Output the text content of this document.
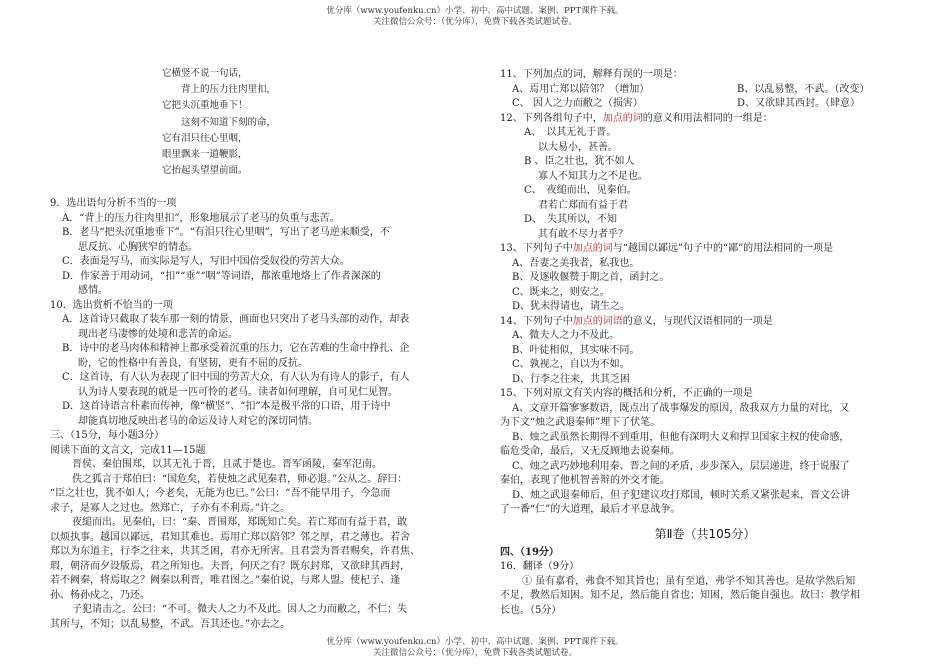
优分库（www.youfenku.cn）小学、初中、高中试题、案例、PPT课件下载。
关注微信公众号：（优分库），免费下载各类试题试卷。
它横竖不说一句话，
　　背上的压力往肉里扣，
它把头沉重地垂下！
　　这刻不知道下刻的命，
它有泪只往心里咽，
眼里飘来一道鞭影，
它抬起头望望前面。
9．选出语句分析不当的一项
A．“背上的压力往肉里扣”，形象地展示了老马的负重与悲苦。
B．老马“把头沉重地垂下”。“有泪只往心里咽”，写出了老马逆来顺受，不
思反抗、心胸狭窄的情态。
C．表面是写马，而实际是写人，写旧中国倍受奴役的劳苦大众。
D．作家善于用动词，“扣”“垂”“咽”等词语，都浓重地烙上了作者深深的
感情。
10．选出赏析不恰当的一项
A．这首诗只截取了装车那一刻的情景，画面也只突出了老马头部的动作，却表
现出老马凄惨的处境和悲苦的命运。
B．诗中的老马肉体和精神上都承受着沉重的压力，它在苦难的生命中挣扎、企
盼，它的性格中有善良，有坚韧，更有不屈的反抗。
C．这首诗，有人认为表现了旧中国的劳苦大众，有人认为有诗人的影子，有人
认为诗人要表现的就是一匹可怜的老马。读者如何理解，自可见仁见智。
D．这首诗语言朴素而传神，像“横竖”、“扣”本是极平常的口语，用于诗中
却能真切地反映出老马的命运及诗人对它的深切同情。
三、（15分，每小题3分）
阅读下面的文言文，完成11—15题
晋侯、秦伯围郑，以其无礼于晋，且贰于楚也。晋军函陵，秦军氾南。
佚之狐言于郑伯曰：“国危矣，若使烛之武见秦君，师必退。”公从之。辞曰：
“臣之壮也，犹不如人；今老矣，无能为也已。”公曰：“吾不能早用子，今急而
求子，是寡人之过也。然郑亡，子亦有不利焉。”许之。
夜缒而出。见秦伯，曰：“秦、晋围郑，郑既知亡矣。若亡郑而有益于君，敢
以烦执事。越国以鄙远，君知其难也。焉用亡郑以陪邻？邻之厚，君之薄也。若舍
郑以为东道主，行李之往来，共其乏困，君亦无所害。且君尝为晋君赐矣，许君焦、
瑕，朝济而夕设版焉，君之所知也。夫晋，何厌之有？既东封郑，又欲肆其西封，
若不阙秦，将焉取之？阙秦以利晋，唯君图之。”秦伯说，与郑人盟。使杞子、逢
孙、杨孙戍之，乃还。
子犯请击之。公曰：“不可。微夫人之力不及此。因人之力而敝之，不仁；失
其所与，不知；以乱易整，不武。吾其还也。”亦去之。
11、下列加点的词，解释有误的一项是：
A、焉用亡郑以陪邻？（增加）	B、以乱易整，不武。（改变）
C、 因人之力而敝之（损害）	D、又欲肆其西封。（肆意）
12、下列各组句子中，加点的词的意义和用法相同的一组是：
A、　以其无礼于晋。
以大易小，甚善。
B 、臣之壮也，犹不如人
寡人不知其力之不足也。
C、　夜缒而出，见秦伯。
君若亡郑而有益于君
D、　失其所以，不知
其有敢不尽力者乎？
13、下列句子中加点的词与“越国以鄙远”句子中的“鄙”的用法相同的一项是
A、吾妻之美我者，私我也。
B、及逐收偃赞于期之首，函封之。
C、既来之，则安之。
D、犹未得请也，请生之。
14、下列句子中加点的词语的意义，与现代汉语相同的一项是
A、微夫人之力不及此。
B、叶徒相似，其实味不同。
C、孰视之，自以为不如。
D、行李之往来，共其乏困
15、下列对原文有关内容的概括和分析，不正确的一项是
A、文章开篇寥寥数语，既点出了战事爆发的原因，敌我双方力量的对比，又
为下文“烛之武退秦师”埋下了伏笔。
B、烛之武虽然长期得不到重用，但他有深明大义和捍卫国家主权的使命感，
临危受命，最后，又无反顾地去说秦师。
C、烛之武巧妙地利用秦、晋之间的矛盾，步步深入，层层递进，终于说服了
秦伯，表现了他机智善辩的外交才能。
D、烛之武退秦师后，但子犯建议攻打郑国，顿时关系又紧张起来，晋文公讲
了一番“仁”的大道理，最后才平息战争。
第Ⅱ卷（共105分）
四、（19分）
16．翻译（9分）
① 虽有嘉肴，弗食不知其旨也；虽有至道，弗学不知其善也。是故学然后知
不足，教然后知困。知不足，然后能自省也；知困，然后能自强也。故曰：教学相
长也。（5分）
优分库（www.youfenku.cn）小学、初中、高中试题、案例、PPT课件下载。
关注微信公众号：（优分库），免费下载各类试题试卷。
